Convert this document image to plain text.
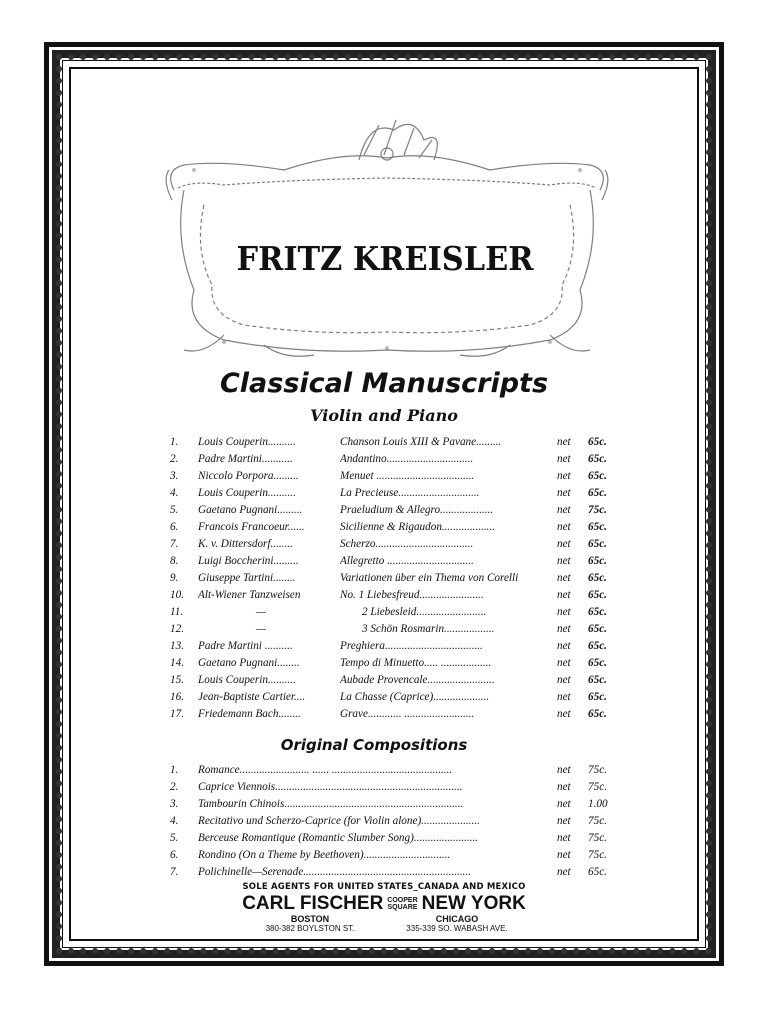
FRITZ KREISLER
Classical Manuscripts
Violin and Piano
1.	Louis Couperin..........	Chanson Louis XIII & Pavane.........	net	65c.
2.	Padre Martini...........	Andantino...............................	net	65c.
3.	Niccolo Porpora.........	Menuet ...................................	net	65c.
4.	Louis Couperin..........	La Precieuse.............................	net	65c.
5.	Gaetano Pugnani.........	Praeludium & Allegro...................	net	75c.
6.	Francois Francoeur......	Sicilienne & Rigaudon...................	net	65c.
7.	K. v. Dittersdorf........	Scherzo...................................	net	65c.
8.	Luigi Boccherini.........	Allegretto ...............................	net	65c.
9.	Giuseppe Tartini........	Variationen über ein Thema von Corelli	net	65c.
10.	Alt-Wiener Tanzweisen	No. 1 Liebesfreud.......................	net	65c.
11.	—	2 Liebesleid.........................	net	65c.
12.	—	3 Schön Rosmarin..................	net	65c.
13.	Padre Martini ..........	Preghiera...................................	net	65c.
14.	Gaetano Pugnani........	Tempo di Minuetto..... ..................	net	65c.
15.	Louis Couperin..........	Aubade Provencale........................	net	65c.
16.	Jean-Baptiste Cartier....	La Chasse (Caprice)....................	net	65c.
17.	Friedemann Bach........	Grave............ .........................	net	65c.
Original Compositions
1.	Romance......................... ...... ...........................................	net	75c.
2.	Caprice Viennois...................................................................	net	75c.
3.	Tambourin Chinois................................................................	net	1.00
4.	Recitativo und Scherzo-Caprice (for Violin alone).....................	net	75c.
5.	Berceuse Romantique (Romantic Slumber Song).......................	net	75c.
6.	Rondino (On a Theme by Beethoven)...............................	net	75c.
7.	Polichinelle—Serenade............................................................	net	65c.
SOLE AGENTS FOR UNITED STATES_CANADA AND MEXICO
CARL FISCHER COOPER
SQUARE NEW YORK
BOSTON
380-382 BOYLSTON ST.
CHICAGO
335-339 SO. WABASH AVE.
